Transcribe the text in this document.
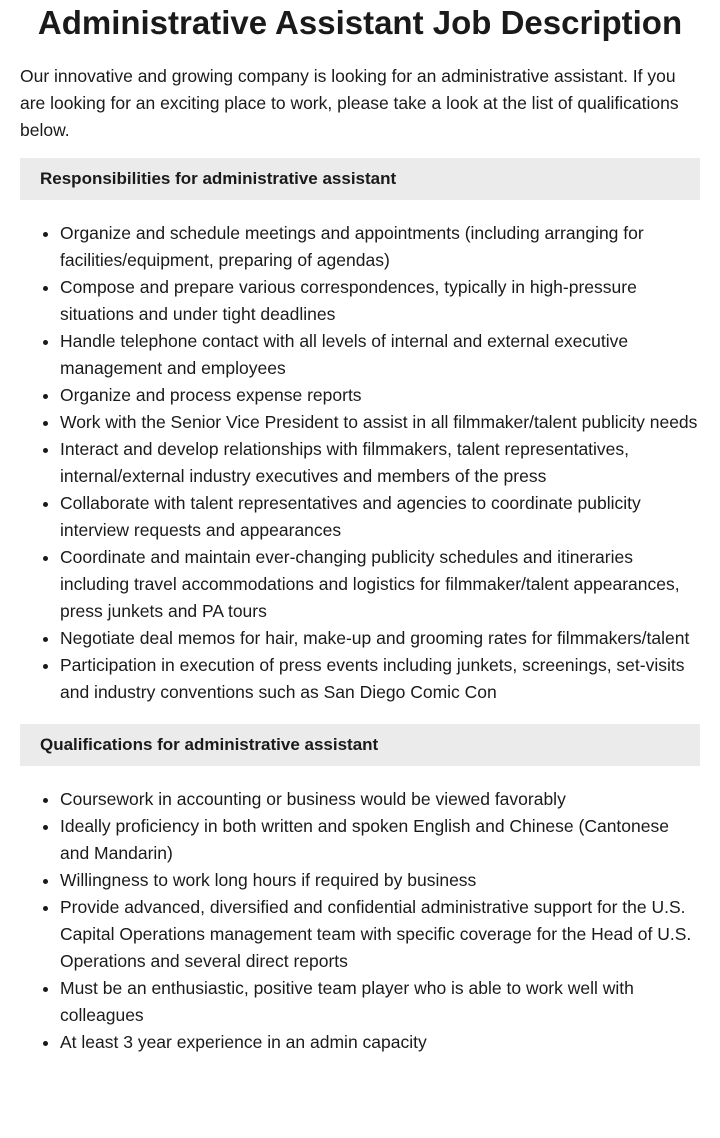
Administrative Assistant Job Description

Our innovative and growing company is looking for an administrative assistant. If you are looking for an exciting place to work, please take a look at the list of qualifications below.

Responsibilities for administrative assistant
• Organize and schedule meetings and appointments (including arranging for facilities/equipment, preparing of agendas)
• Compose and prepare various correspondences, typically in high-pressure situations and under tight deadlines
• Handle telephone contact with all levels of internal and external executive management and employees
• Organize and process expense reports
• Work with the Senior Vice President to assist in all filmmaker/talent publicity needs
• Interact and develop relationships with filmmakers, talent representatives, internal/external industry executives and members of the press
• Collaborate with talent representatives and agencies to coordinate publicity interview requests and appearances
• Coordinate and maintain ever-changing publicity schedules and itineraries including travel accommodations and logistics for filmmaker/talent appearances, press junkets and PA tours
• Negotiate deal memos for hair, make-up and grooming rates for filmmakers/talent
• Participation in execution of press events including junkets, screenings, set-visits and industry conventions such as San Diego Comic Con
Qualifications for administrative assistant
• Coursework in accounting or business would be viewed favorably
• Ideally proficiency in both written and spoken English and Chinese (Cantonese and Mandarin)
• Willingness to work long hours if required by business
• Provide advanced, diversified and confidential administrative support for the U.S. Capital Operations management team with specific coverage for the Head of U.S. Operations and several direct reports
• Must be an enthusiastic, positive team player who is able to work well with colleagues
• At least 3 year experience in an admin capacity
